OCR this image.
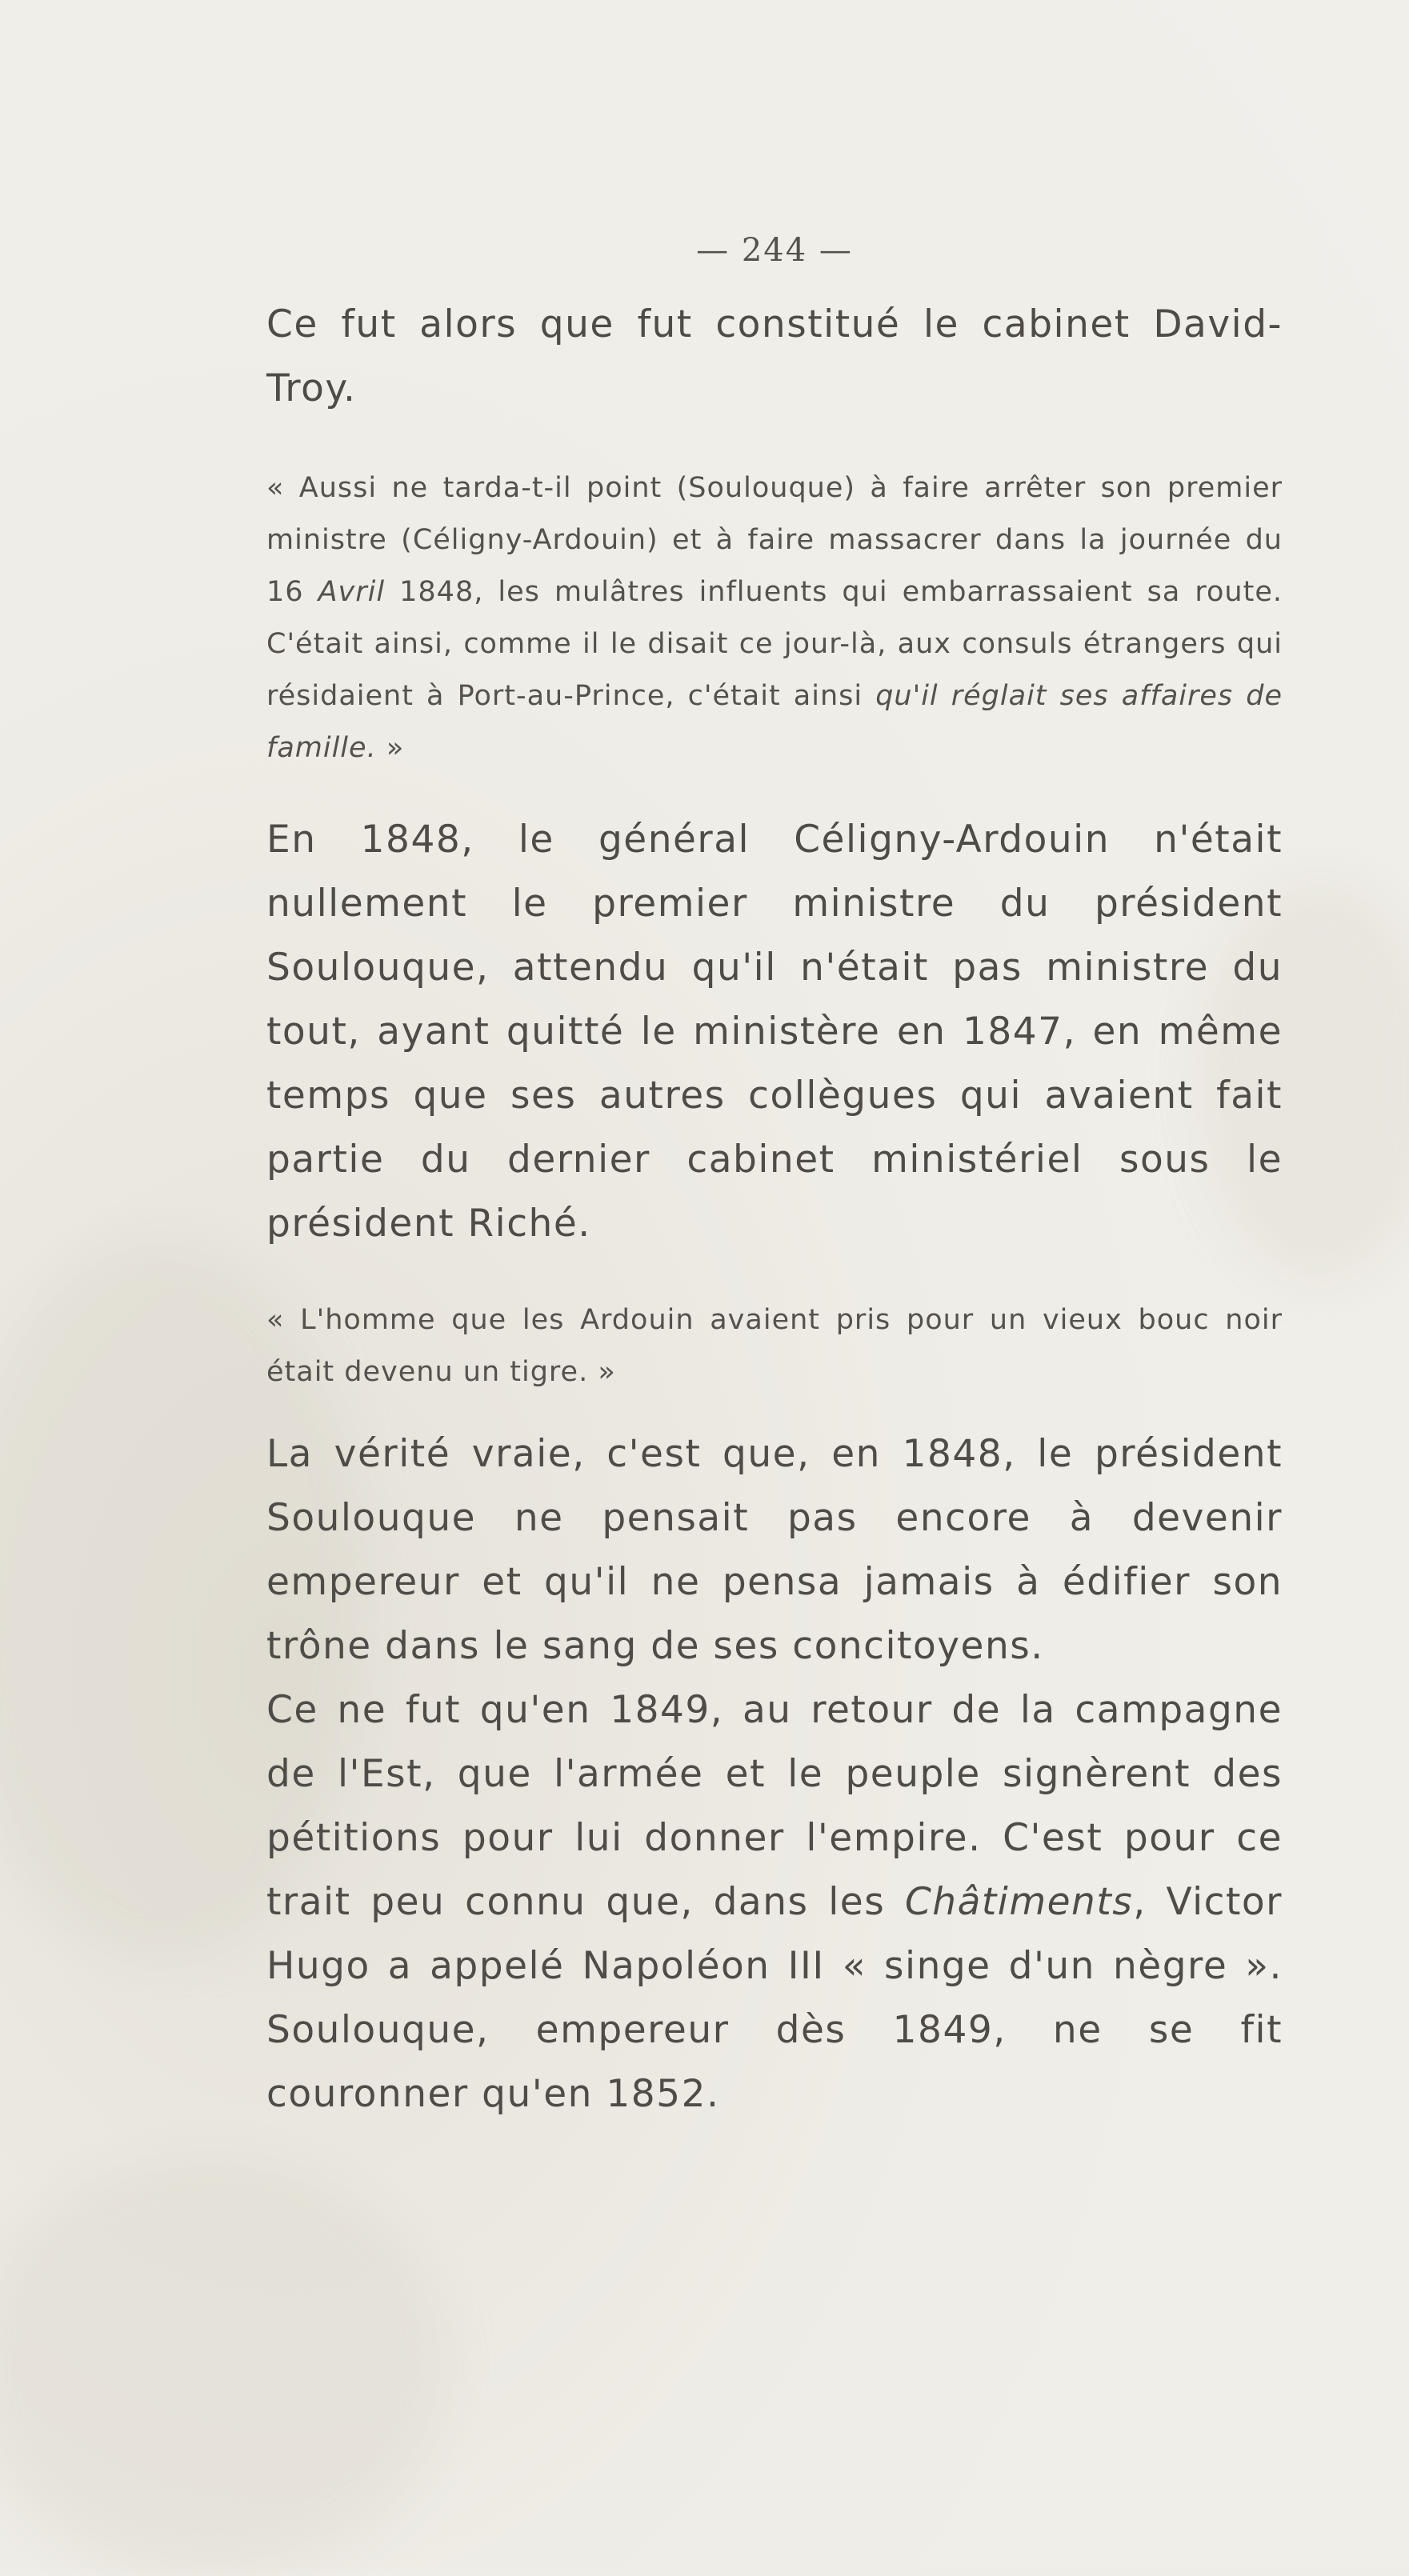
— 244 —

Ce fut alors que fut constitué le cabinet David-Troy.

« Aussi ne tarda-t-il point (Soulouque) à faire arrêter son premier ministre (Céligny-Ardouin) et à faire massacrer dans la journée du 16 Avril 1848, les mulâtres influents qui embarrassaient sa route. C'était ainsi, comme il le disait ce jour-là, aux consuls étrangers qui résidaient à Port-au-Prince, c'était ainsi qu'il réglait ses affaires de famille. »

En 1848, le général Céligny-Ardouin n'était nullement le premier ministre du président Soulouque, attendu qu'il n'était pas ministre du tout, ayant quitté le ministère en 1847, en même temps que ses autres collègues qui avaient fait partie du dernier cabinet ministériel sous le président Riché.

« L'homme que les Ardouin avaient pris pour un vieux bouc noir était devenu un tigre. »

La vérité vraie, c'est que, en 1848, le président Soulouque ne pensait pas encore à devenir empereur et qu'il ne pensa jamais à édifier son trône dans le sang de ses concitoyens.

Ce ne fut qu'en 1849, au retour de la campagne de l'Est, que l'armée et le peuple signèrent des pétitions pour lui donner l'empire. C'est pour ce trait peu connu que, dans les Châtiments, Victor Hugo a appelé Napoléon III « singe d'un nègre ». Soulouque, empereur dès 1849, ne se fit couronner qu'en 1852.
